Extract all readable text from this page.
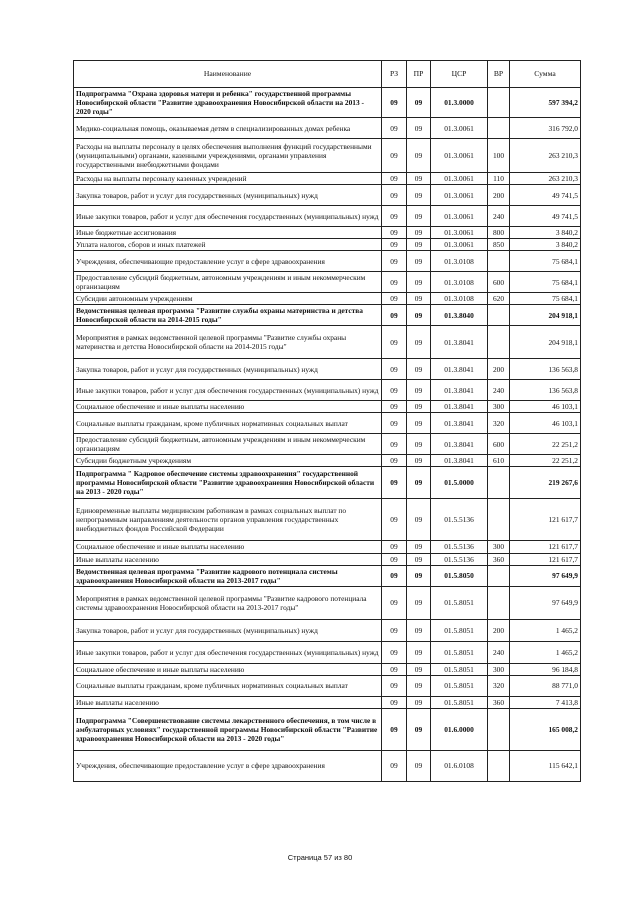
Наименование	РЗ	ПР	ЦСР	ВР	Сумма
Подпрограмма "Охрана здоровья матери и ребенка" государственной программы Новосибирской области "Развитие здравоохранения Новосибирской области на 2013 - 2020 годы"	09	09	01.3.0000		597 394,2
Медико-социальная помощь, оказываемая детям в специализированных домах ребенка	09	09	01.3.0061		316 792,0
Расходы на выплаты персоналу в целях обеспечения выполнения функций государственными (муниципальными) органами, казенными учреждениями, органами управления государственными внебюджетными фондами	09	09	01.3.0061	100	263 210,3
Расходы на выплаты персоналу казенных учреждений	09	09	01.3.0061	110	263 210,3
Закупка товаров, работ и услуг для государственных (муниципальных) нужд	09	09	01.3.0061	200	49 741,5
Иные закупки товаров, работ и услуг для обеспечения государственных (муниципальных) нужд	09	09	01.3.0061	240	49 741,5
Иные бюджетные ассигнования	09	09	01.3.0061	800	3 840,2
Уплата налогов, сборов и иных платежей	09	09	01.3.0061	850	3 840,2
Учреждения, обеспечивающие предоставление услуг в сфере здравоохранения	09	09	01.3.0108		75 684,1
Предоставление субсидий бюджетным, автономным учреждениям и иным некоммерческим организациям	09	09	01.3.0108	600	75 684,1
Субсидии автономным учреждениям	09	09	01.3.0108	620	75 684,1
Ведомственная целевая программа "Развитие службы охраны материнства и детства Новосибирской области на 2014-2015 годы"	09	09	01.3.8040		204 918,1
Мероприятия в рамках ведомственной целевой программы "Развитие службы охраны материнства и детства Новосибирской области на 2014-2015 годы"	09	09	01.3.8041		204 918,1
Закупка товаров, работ и услуг для государственных (муниципальных) нужд	09	09	01.3.8041	200	136 563,8
Иные закупки товаров, работ и услуг для обеспечения государственных (муниципальных) нужд	09	09	01.3.8041	240	136 563,8
Социальное обеспечение и иные выплаты населению	09	09	01.3.8041	300	46 103,1
Социальные выплаты гражданам, кроме публичных нормативных социальных выплат	09	09	01.3.8041	320	46 103,1
Предоставление субсидий бюджетным, автономным учреждениям и иным некоммерческим организациям	09	09	01.3.8041	600	22 251,2
Субсидии бюджетным учреждениям	09	09	01.3.8041	610	22 251,2
Подпрограмма " Кадровое обеспечение системы здравоохранения" государственной программы Новосибирской области "Развитие здравоохранения Новосибирской области на 2013 - 2020 годы"	09	09	01.5.0000		219 267,6
Единовременные выплаты медицинским работникам в рамках социальных выплат по непрограммным направлениям деятельности органов управления государственных внебюджетных фондов Российской Федерации	09	09	01.5.5136		121 617,7
Социальное обеспечение и иные выплаты населению	09	09	01.5.5136	300	121 617,7
Иные выплаты населению	09	09	01.5.5136	360	121 617,7
Ведомственная целевая программа "Развитие кадрового потенциала системы здравоохранения Новосибирской области на 2013-2017 годы"	09	09	01.5.8050		97 649,9
Мероприятия в рамках ведомственной целевой программы "Развитие кадрового потенциала системы здравоохранения Новосибирской области на 2013-2017 годы"	09	09	01.5.8051		97 649,9
Закупка товаров, работ и услуг для государственных (муниципальных) нужд	09	09	01.5.8051	200	1 465,2
Иные закупки товаров, работ и услуг для обеспечения государственных (муниципальных) нужд	09	09	01.5.8051	240	1 465,2
Социальное обеспечение и иные выплаты населению	09	09	01.5.8051	300	96 184,8
Социальные выплаты гражданам, кроме публичных нормативных социальных выплат	09	09	01.5.8051	320	88 771,0
Иные выплаты населению	09	09	01.5.8051	360	7 413,8
Подпрограмма "Совершенствование системы лекарственного обеспечения, в том числе в амбулаторных условиях" государственной программы Новосибирской области "Развитие здравоохранения Новосибирской области на 2013 - 2020 годы"	09	09	01.6.0000		165 008,2
Учреждения, обеспечивающие предоставление услуг в сфере здравоохранения	09	09	01.6.0108		115 642,1
Страница 57 из 80
